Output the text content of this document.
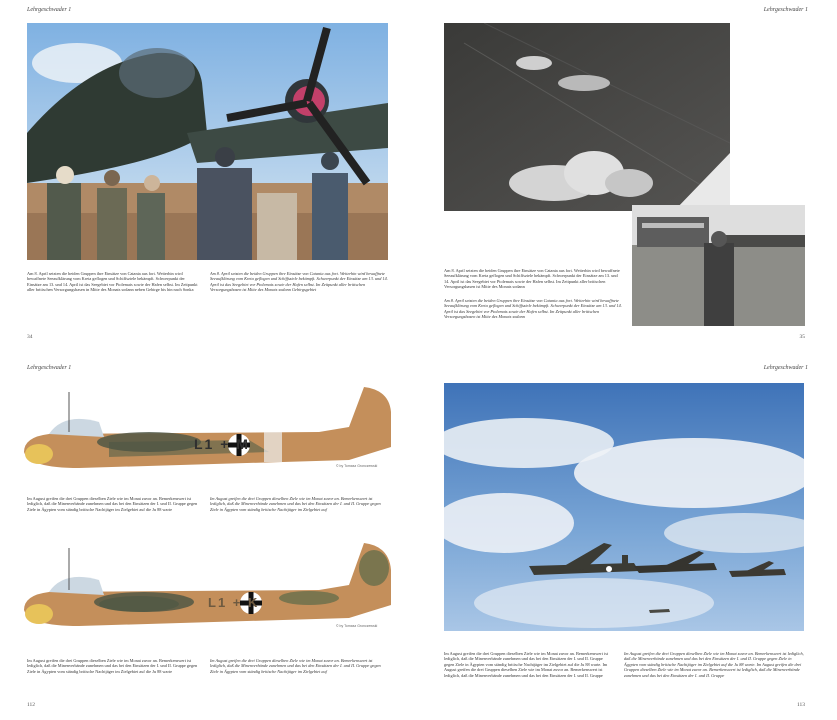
Lehrgeschwader 1
Am 8. April setzten die beiden Gruppen ihre Einsätze von Catania aus fort. Weiterhin wird bewaffnete Seeaufklärung vom Kreta geflogen und Schiffsziele bekämpft. Schwerpunkt der Einsätze am 13. und 14. April ist das Seegebiet vor Ptolemais sowie der Hafen selbst. Im Zeitpunkt aller britischen Versorgungsbasen in Mitte des Monats sodann neben Gebirge bis hin nach Sonka
Am 8. April setzten die beiden Gruppen ihre Einsätze von Catania aus fort. Weiterhin wird bewaffnete Seeaufklärung vom Kreta geflogen und Schiffsziele bekämpft. Schwerpunkt der Einsätze am 13. und 14. April ist das Seegebiet vor Ptolemais sowie der Hafen selbst. Im Zeitpunkt aller britischen Versorgungsbasen ist Mitte des Monats sodann Gebirgsgebiet
34
Lehrgeschwader 1
Am 8. April setzten die beiden Gruppen ihre Einsätze von Catania aus fort. Weiterhin wird bewaffnete Seeaufklärung vom Kreta geflogen und Schiffsziele bekämpft. Schwerpunkt der Einsätze am 13. und 14. April ist das Seegebiet vor Ptolemais sowie der Hafen selbst. Im Zeitpunkt aller britischen Versorgungsbasen ist Mitte des Monats sodann
Am 8. April setzten die beiden Gruppen ihre Einsätze von Catania aus fort. Weiterhin wird bewaffnete Seeaufklärung vom Kreta geflogen und Schiffsziele bekämpft. Schwerpunkt der Einsätze am 13. und 14. April ist das Seegebiet vor Ptolemais sowie der Hafen selbst. Im Zeitpunkt aller britischen Versorgungsbasen ist Mitte des Monats sodann
35
Lehrgeschwader 1
L1 + M
© by Tomasz Gronczewski
Im August greifen die drei Gruppen dieselben Ziele wie im Monat zuvor an. Bemerkenswert ist lediglich, daß die Minenverbände zunehmen und das bei den Einsätzen der I. und II. Gruppe gegen Ziele in Ägypten vom ständig britische Nachtjäger im Zielgebiet auf die Ju 88 warte
Im August greifen die drei Gruppen dieselben Ziele wie im Monat zuvor an. Bemerkenswert ist lediglich, daß die Minenverbände zunehmen und das bei den Einsätzen der I. und II. Gruppe gegen Ziele in Ägypten vom ständig britische Nachtjäger im Zielgebiet auf
L1 + K
© by Tomasz Gronczewski
Im August greifen die drei Gruppen dieselben Ziele wie im Monat zuvor an. Bemerkenswert ist lediglich, daß die Minenverbände zunehmen und das bei den Einsätzen der I. und II. Gruppe gegen Ziele in Ägypten vom ständig britische Nachtjäger im Zielgebiet auf die Ju 88 warte
Im August greifen die drei Gruppen dieselben Ziele wie im Monat zuvor an. Bemerkenswert ist lediglich, daß die Minenverbände zunehmen und das bei den Einsätzen der I. und II. Gruppe gegen Ziele in Ägypten vom ständig britische Nachtjäger im Zielgebiet auf
112
Lehrgeschwader 1
Im August greifen die drei Gruppen dieselben Ziele wie im Monat zuvor an. Bemerkenswert ist lediglich, daß die Minenverbände zunehmen und das bei den Einsätzen der I. und II. Gruppe gegen Ziele in Ägypten vom ständig britische Nachtjäger im Zielgebiet auf die Ju 88 warte. Im August greifen die drei Gruppen dieselben Ziele wie im Monat zuvor an. Bemerkenswert ist lediglich, daß die Minenverbände zunehmen und das bei den Einsätzen der I. und II. Gruppe
Im August greifen die drei Gruppen dieselben Ziele wie im Monat zuvor an. Bemerkenswert ist lediglich, daß die Minenverbände zunehmen und das bei den Einsätzen der I. und II. Gruppe gegen Ziele in Ägypten vom ständig britische Nachtjäger im Zielgebiet auf die Ju 88 warte. Im August greifen die drei Gruppen dieselben Ziele wie im Monat zuvor an. Bemerkenswert ist lediglich, daß die Minenverbände zunehmen und das bei den Einsätzen der I. und II. Gruppe
113
